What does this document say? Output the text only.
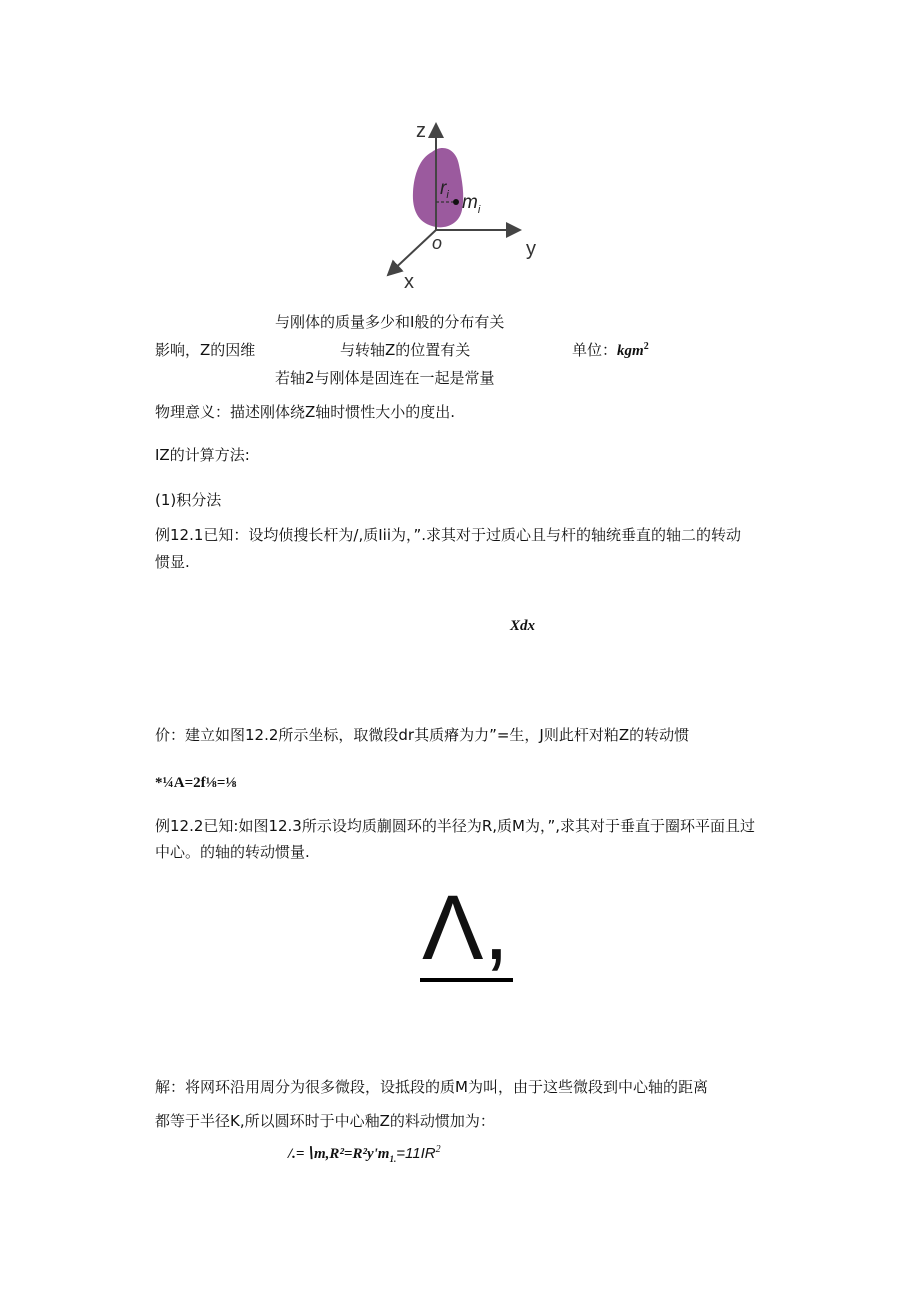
z
y
x
o
$r_i$ $m_i$
与刚体的质量多少和I般的分布有关
影响，Z的因维	与转轴Z的位置有关	单位：kgm$^2$
若轴2与刚体是固连在一起是常量
物理意义：描述刚体绕Z轴时惯性大小的度出.
IZ的计算方法:
(1)积分法
例12.1已知：设均侦搜长杆为/,质Iii为，”.求其对于过质心且与杆的轴统垂直的轴二的转动
惯显.
Xdx
价：建立如图12.2所示坐标，取微段dr其质瘠为力”=生，J则此杆对粕Z的转动惯
*¼A=2f⅛=⅛
例12.2已知:如图12.3所示设均质蒯圆环的半径为R,质M为，”,求其对于垂直于圈环平面且过
中心。的轴的转动惯量.
Λ,
解：将网环沿用周分为很多微段，设抵段的质M为叫，由于这些微段到中心轴的距离
都等于半径K,所以圆环时于中心釉Z的料动惯加为：
$/.=∖m,R^2=R^2y'm_{1.}=11IR^2$
